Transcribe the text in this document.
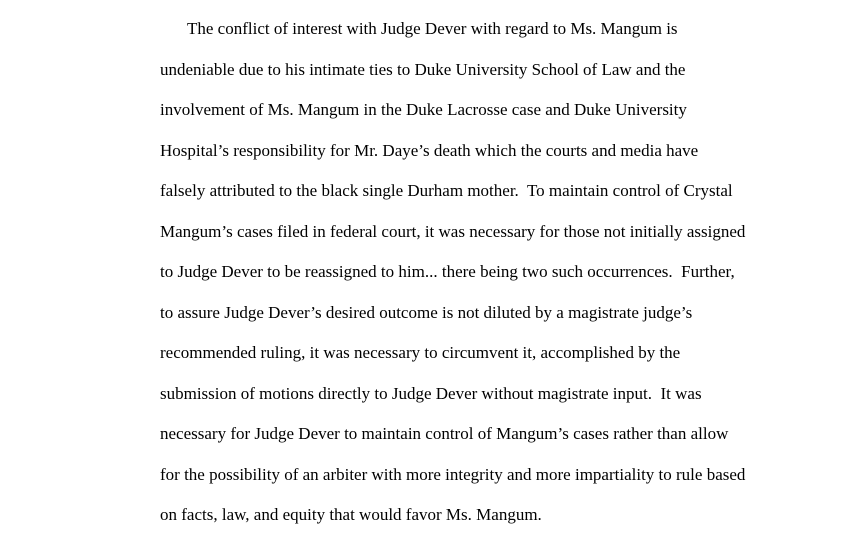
The conflict of interest with Judge Dever with regard to Ms. Mangum is
undeniable due to his intimate ties to Duke University School of Law and the
involvement of Ms. Mangum in the Duke Lacrosse case and Duke University
Hospital’s responsibility for Mr. Daye’s death which the courts and media have
falsely attributed to the black single Durham mother.  To maintain control of Crystal
Mangum’s cases filed in federal court, it was necessary for those not initially assigned
to Judge Dever to be reassigned to him... there being two such occurrences.  Further,
to assure Judge Dever’s desired outcome is not diluted by a magistrate judge’s
recommended ruling, it was necessary to circumvent it, accomplished by the
submission of motions directly to Judge Dever without magistrate input.  It was
necessary for Judge Dever to maintain control of Mangum’s cases rather than allow
for the possibility of an arbiter with more integrity and more impartiality to rule based
on facts, law, and equity that would favor Ms. Mangum.
